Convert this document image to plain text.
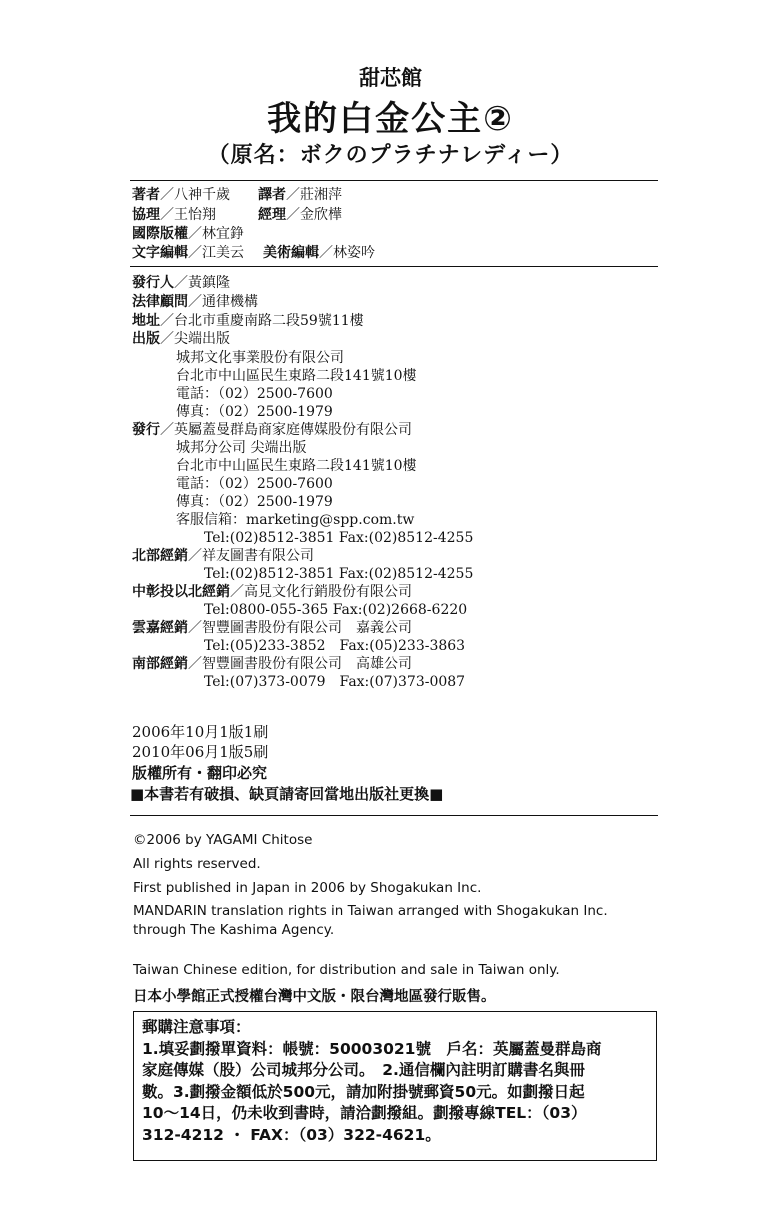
甜芯館
我的白金公主②
（原名：ボクのプラチナレディー）
著者／八神千歲 譯者／莊湘萍
協理／王怡翔	經理／金欣樺
國際版權／林宜錚
文字編輯／江美云 美術編輯／林姿吟
發行人／黃鎮隆
法律顧問／通律機構
地址／台北市重慶南路二段59號11樓
出版／尖端出版
城邦文化事業股份有限公司
台北市中山區民生東路二段141號10樓
電話：（02）2500-7600
傳真：（02）2500-1979
發行／英屬蓋曼群島商家庭傳媒股份有限公司
城邦分公司 尖端出版
台北市中山區民生東路二段141號10樓
電話：（02）2500-7600
傳真：（02）2500-1979
客服信箱：marketing@spp.com.tw
Tel:(02)8512-3851 Fax:(02)8512-4255
北部經銷／祥友圖書有限公司
Tel:(02)8512-3851 Fax:(02)8512-4255
中彰投以北經銷／高見文化行銷股份有限公司
Tel:0800-055-365 Fax:(02)2668-6220
雲嘉經銷／智豐圖書股份有限公司　嘉義公司
Tel:(05)233-3852　Fax:(05)233-3863
南部經銷／智豐圖書股份有限公司　高雄公司
Tel:(07)373-0079　Fax:(07)373-0087
2006年10月1版1刷
2010年06月1版5刷
版權所有・翻印必究
■本書若有破損、缺頁請寄回當地出版社更換■
©2006 by YAGAMI Chitose
All rights reserved.
First published in Japan in 2006 by Shogakukan Inc.
MANDARIN translation rights in Taiwan arranged with Shogakukan Inc.
through The Kashima Agency.
Taiwan Chinese edition, for distribution and sale in Taiwan only.
日本小學館正式授權台灣中文版・限台灣地區發行販售。
郵購注意事項：
1.填妥劃撥單資料：帳號：50003021號　戶名：英屬蓋曼群島商
家庭傳媒（股）公司城邦分公司。　2.通信欄內註明訂購書名與冊
數。3.劃撥金額低於500元，請加附掛號郵資50元。如劃撥日起
10～14日，仍未收到書時，請洽劃撥組。劃撥專線TEL：（03）
312-4212 ・ FAX：（03）322-4621。
